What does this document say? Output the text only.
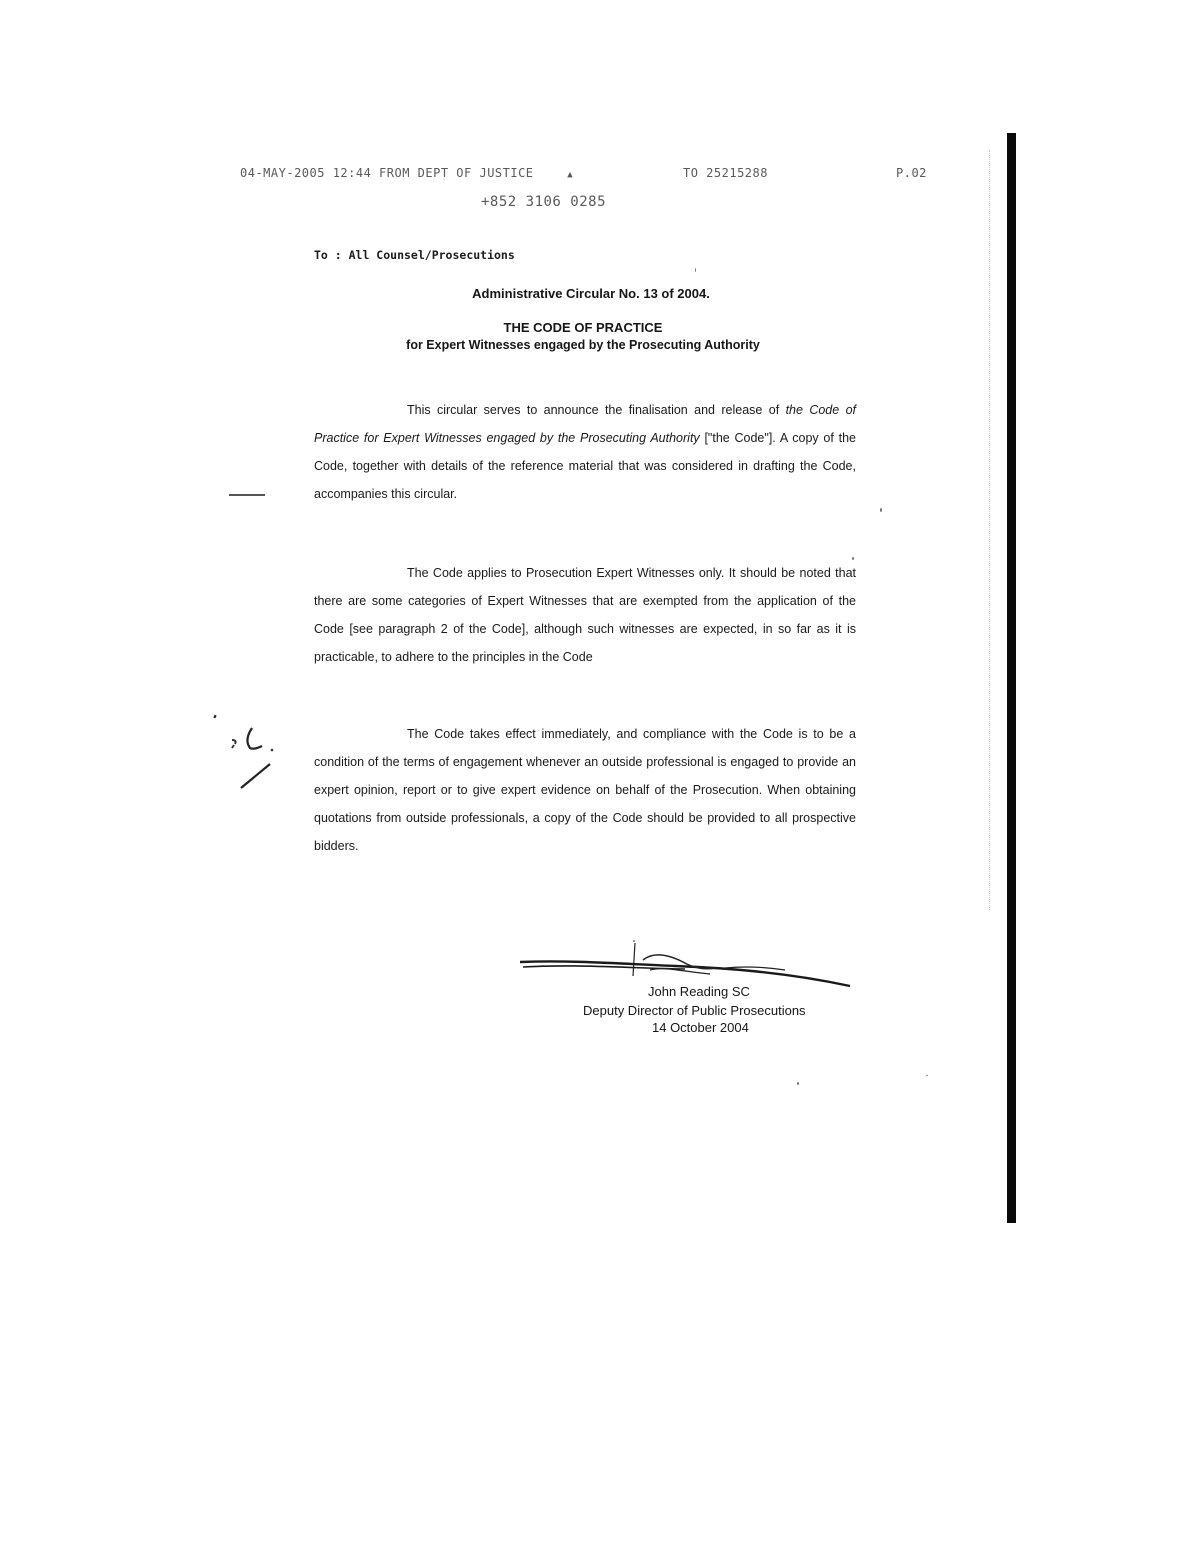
04-MAY-2005 12:44 FROM DEPT OF JUSTICE	▲	TO 25215288	P.02
+852 3106 0285
To : All Counsel/Prosecutions
Administrative Circular No. 13 of 2004.
THE CODE OF PRACTICE
for Expert Witnesses engaged by the Prosecuting Authority

This circular serves to announce the finalisation and release of the Code of Practice for Expert Witnesses engaged by the Prosecuting Authority ["the Code"]. A copy of the Code, together with details of the reference material that was considered in drafting the Code, accompanies this circular.

The Code applies to Prosecution Expert Witnesses only. It should be noted that there are some categories of Expert Witnesses that are exempted from the application of the Code [see paragraph 2 of the Code], although such witnesses are expected, in so far as it is practicable, to adhere to the principles in the Code

The Code takes effect immediately, and compliance with the Code is to be a condition of the terms of engagement whenever an outside professional is engaged to provide an expert opinion, report or to give expert evidence on behalf of the Prosecution. When obtaining quotations from outside professionals, a copy of the Code should be provided to all prospective bidders.

John Reading SC
Deputy Director of Public Prosecutions
14 October 2004
